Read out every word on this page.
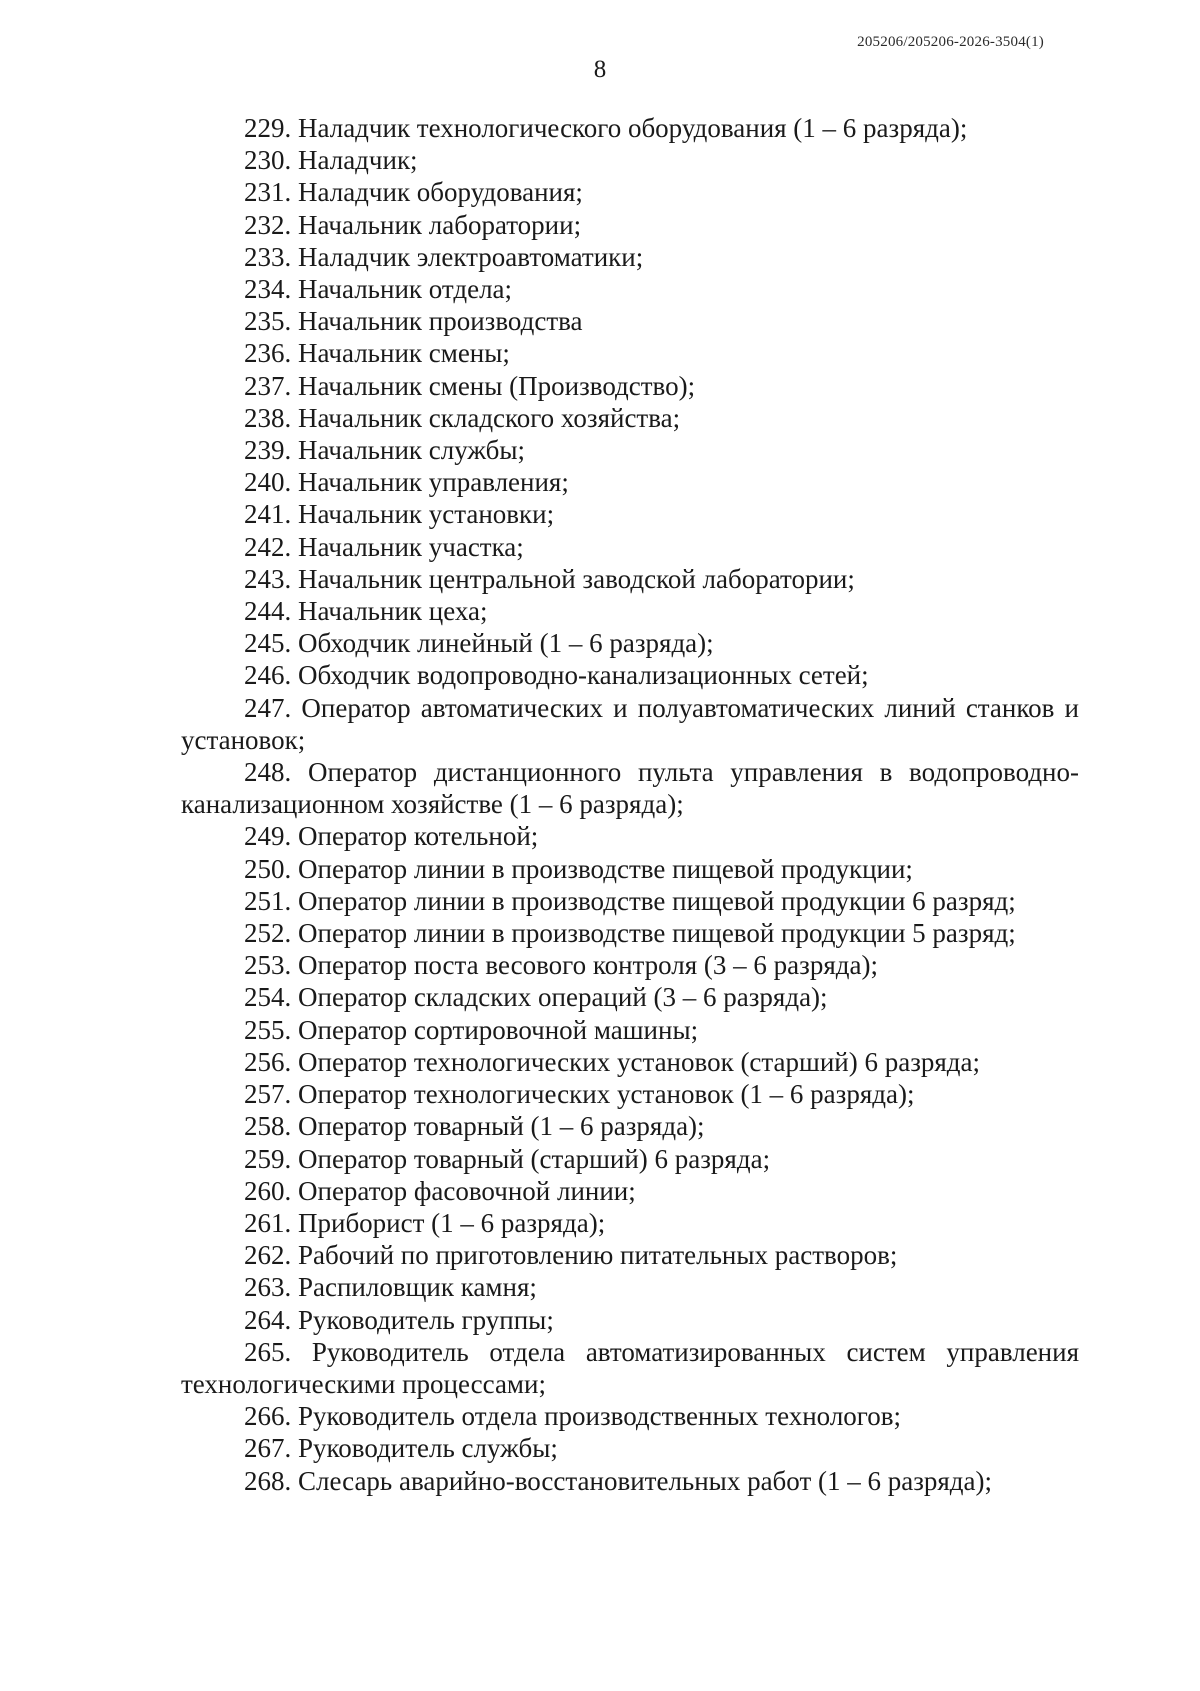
205206/205206-2026-3504(1)
8
229. Наладчик технологического оборудования (1 – 6 разряда);
230. Наладчик;
231. Наладчик оборудования;
232. Начальник лаборатории;
233. Наладчик электроавтоматики;
234. Начальник отдела;
235. Начальник производства
236. Начальник смены;
237. Начальник смены (Производство);
238. Начальник складского хозяйства;
239. Начальник службы;
240. Начальник управления;
241. Начальник установки;
242. Начальник участка;
243. Начальник центральной заводской лаборатории;
244. Начальник цеха;
245. Обходчик линейный (1 – 6 разряда);
246. Обходчик водопроводно-канализационных сетей;
247. Оператор автоматических и полуавтоматических линий станков и установок;
248. Оператор дистанционного пульта управления в водопроводно-канализационном хозяйстве (1 – 6 разряда);
249. Оператор котельной;
250. Оператор линии в производстве пищевой продукции;
251. Оператор линии в производстве пищевой продукции 6 разряд;
252. Оператор линии в производстве пищевой продукции 5 разряд;
253. Оператор поста весового контроля (3 – 6 разряда);
254. Оператор складских операций (3 – 6 разряда);
255. Оператор сортировочной машины;
256. Оператор технологических установок (старший) 6 разряда;
257. Оператор технологических установок (1 – 6 разряда);
258. Оператор товарный (1 – 6 разряда);
259. Оператор товарный (старший) 6 разряда;
260. Оператор фасовочной линии;
261. Приборист (1 – 6 разряда);
262. Рабочий по приготовлению питательных растворов;
263. Распиловщик камня;
264. Руководитель группы;
265. Руководитель отдела автоматизированных систем управления технологическими процессами;
266. Руководитель отдела производственных технологов;
267. Руководитель службы;
268. Слесарь аварийно-восстановительных работ (1 – 6 разряда);
